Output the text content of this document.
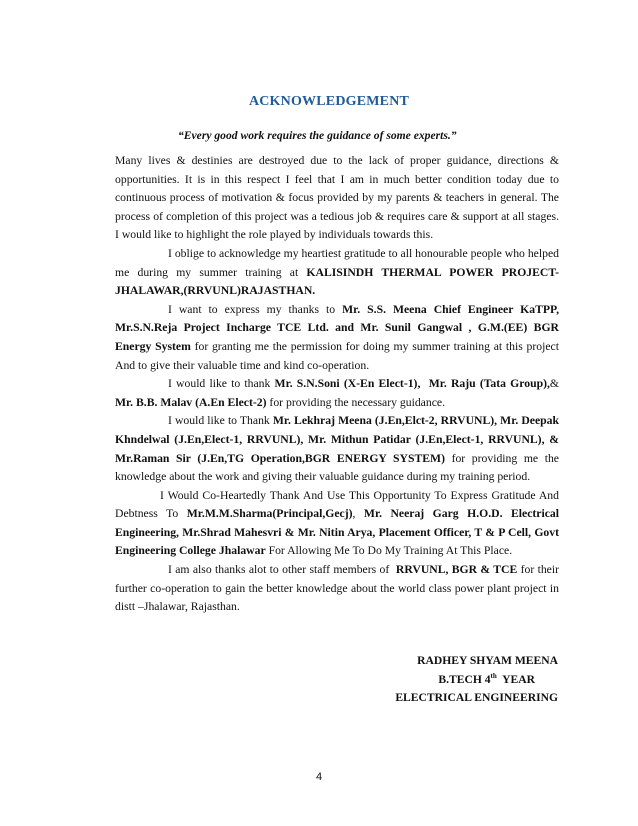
ACKNOWLEDGEMENT
“Every good work requires the guidance of some experts.”

Many lives & destinies are destroyed due to the lack of proper guidance, directions & opportunities. It is in this respect I feel that I am in much better condition today due to continuous process of motivation & focus provided by my parents & teachers in general. The process of completion of this project was a tedious job & requires care & support at all stages. I would like to highlight the role played by individuals towards this.

I oblige to acknowledge my heartiest gratitude to all honourable people who helped me during my summer training at KALISINDH THERMAL POWER PROJECT-JHALAWAR,(RRVUNL)RAJASTHAN.

I want to express my thanks to Mr. S.S. Meena Chief Engineer KaTPP, Mr.S.N.Reja Project Incharge TCE Ltd. and Mr. Sunil Gangwal , G.M.(EE) BGR Energy System for granting me the permission for doing my summer training at this project And to give their valuable time and kind co-operation.

I would like to thank Mr. S.N.Soni (X-En Elect-1), Mr. Raju (Tata Group),& Mr. B.B. Malav (A.En Elect-2) for providing the necessary guidance.

I would like to Thank Mr. Lekhraj Meena (J.En,Elct-2, RRVUNL), Mr. Deepak Khndelwal (J.En,Elect-1, RRVUNL), Mr. Mithun Patidar (J.En,Elect-1, RRVUNL), & Mr.Raman Sir (J.En,TG Operation,BGR ENERGY SYSTEM) for providing me the knowledge about the work and giving their valuable guidance during my training period.

I Would Co-Heartedly Thank And Use This Opportunity To Express Gratitude And Debtness To Mr.M.M.Sharma(Principal,Gecj), Mr. Neeraj Garg H.O.D. Electrical Engineering, Mr.Shrad Mahesvri & Mr. Nitin Arya, Placement Officer, T & P Cell, Govt Engineering College Jhalawar For Allowing Me To Do My Training At This Place.

I am also thanks alot to other staff members of  RRVUNL, BGR & TCE for their further co-operation to gain the better knowledge about the world class power plant project in distt –Jhalawar, Rajasthan.

RADHEY SHYAM MEENA
B.TECH 4th  YEAR
ELECTRICAL ENGINEERING
4
